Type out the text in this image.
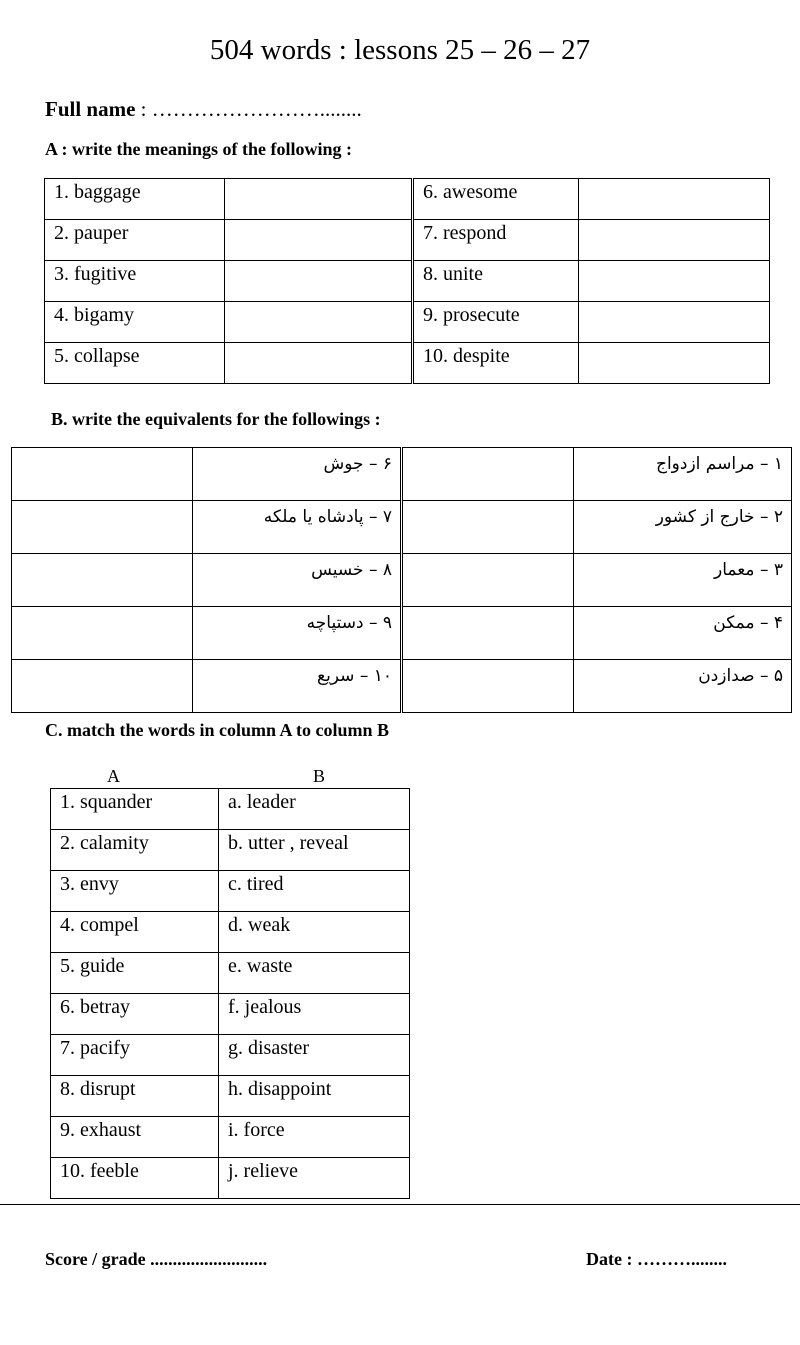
504 words : lessons 25 – 26 – 27
Full name : ……………………........
A : write the meanings of the following :
1. baggage		6. awesome	
2. pauper		7. respond	
3. fugitive		8. unite	
4. bigamy		9. prosecute	
5. collapse		10. despite	
B. write the equivalents for the followings :
	۶ – جوش		۱ – مراسم ازدواج
	۷ – پادشاه یا ملکه		۲ – خارج از کشور
	۸ – خسیس		۳ – معمار
	۹ – دستپاچه		۴ – ممکن
	۱۰ – سریع		۵ – صدازدن
C. match the words in column A to column B
A	B
1. squander	a. leader
2. calamity	b. utter , reveal
3. envy	c. tired
4. compel	d. weak
5. guide	e. waste
6. betray	f. jealous
7. pacify	g. disaster
8. disrupt	h. disappoint
9. exhaust	i. force
10. feeble	j. relieve
Score / grade ..........................	Date : ………........
